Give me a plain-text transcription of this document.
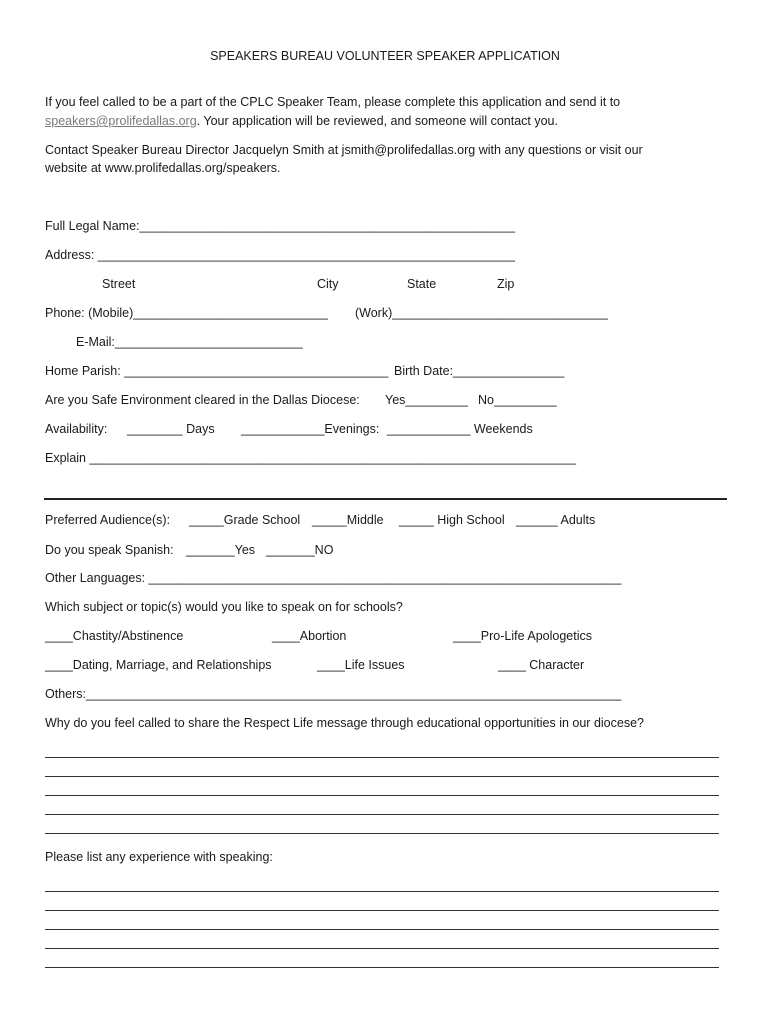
SPEAKERS BUREAU VOLUNTEER SPEAKER APPLICATION
If you feel called to be a part of the CPLC Speaker Team, please complete this application and send it to
speakers@prolifedallas.org. Your application will be reviewed, and someone will contact you.
Contact Speaker Bureau Director Jacquelyn Smith at jsmith@prolifedallas.org with any questions or visit our
website at www.prolifedallas.org/speakers.
Full Legal Name:______________________________________________________
Address: ____________________________________________________________
Street	City	State	Zip
Phone: (Mobile)____________________________ (Work)_______________________________
E-Mail:___________________________
Home Parish: ______________________________________ Birth Date:________________
Are you Safe Environment cleared in the Dallas Diocese: Yes_________ No_________
Availability: ________ Days ____________Evenings: ____________ Weekends
Explain ______________________________________________________________________
Preferred Audience(s): _____Grade School _____Middle _____ High School ______ Adults
Do you speak Spanish: _______Yes _______NO
Other Languages: ____________________________________________________________________
Which subject or topic(s) would you like to speak on for schools?
____Chastity/Abstinence	____Abortion	____Pro-Life Apologetics
____Dating, Marriage, and Relationships	____Life Issues	____ Character
Others:_____________________________________________________________________________
Why do you feel called to share the Respect Life message through educational opportunities in our diocese?
Please list any experience with speaking:
